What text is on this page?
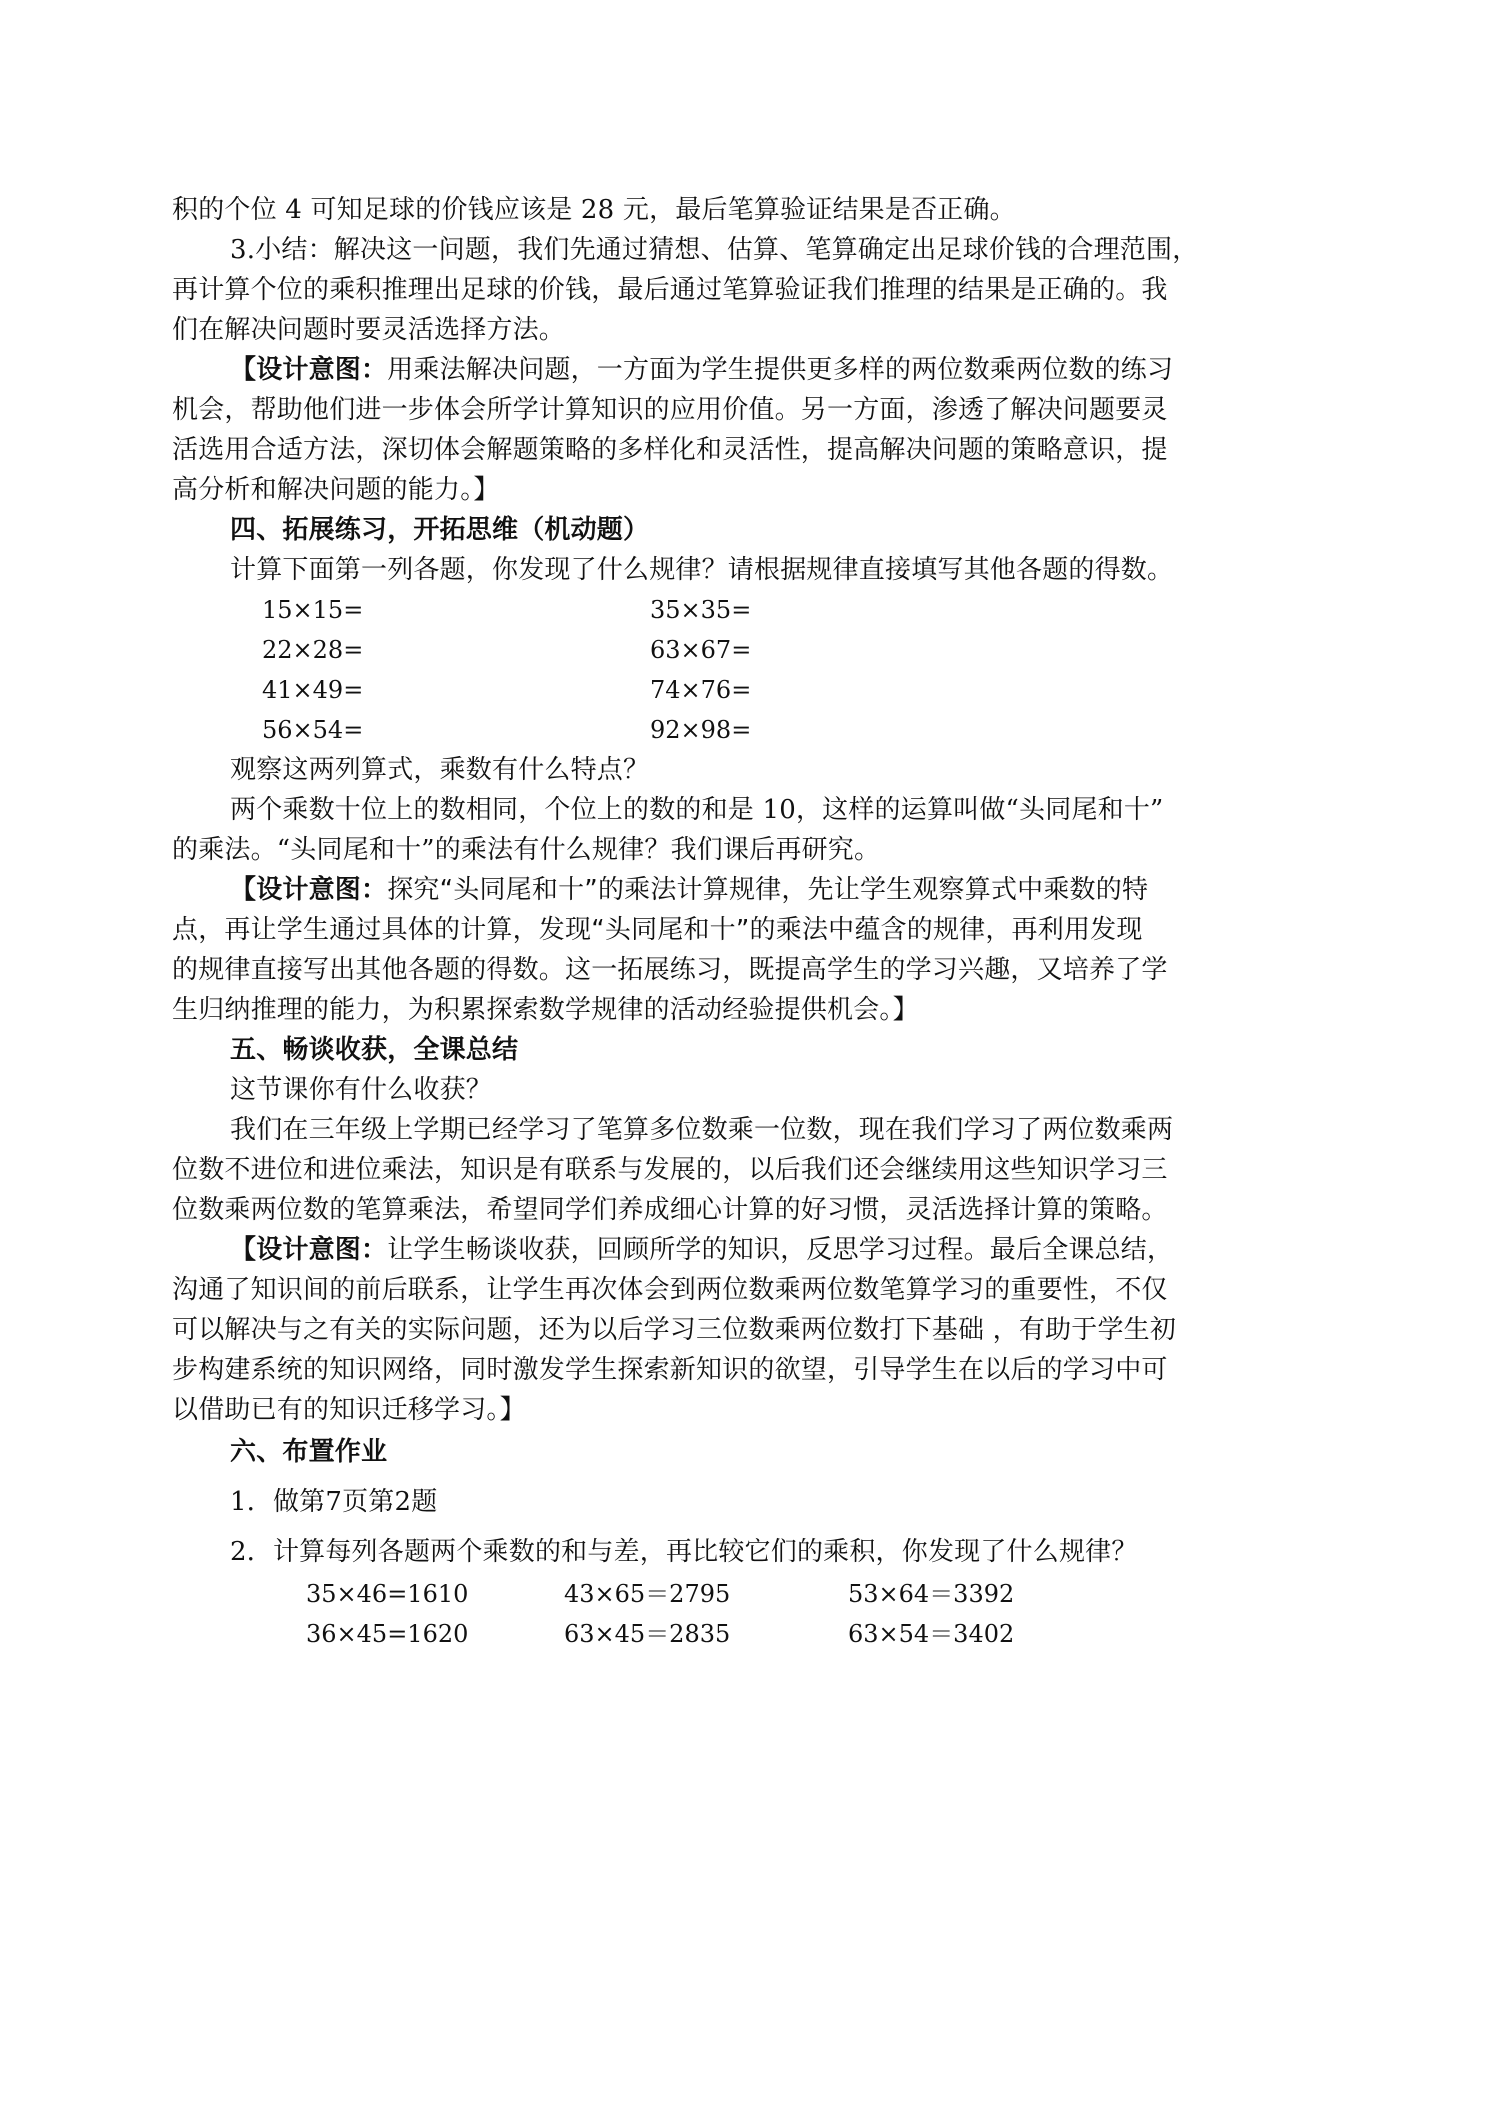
积的个位 4 可知足球的价钱应该是 28 元，最后笔算验证结果是否正确。
3.小结：解决这一问题，我们先通过猜想、估算、笔算确定出足球价钱的合理范围，
再计算个位的乘积推理出足球的价钱，最后通过笔算验证我们推理的结果是正确的。我
们在解决问题时要灵活选择方法。
【设计意图：用乘法解决问题，一方面为学生提供更多样的两位数乘两位数的练习
机会，帮助他们进一步体会所学计算知识的应用价值。另一方面，渗透了解决问题要灵
活选用合适方法，深切体会解题策略的多样化和灵活性，提高解决问题的策略意识，提
高分析和解决问题的能力。】
四、拓展练习，开拓思维（机动题）
计算下面第一列各题，你发现了什么规律？请根据规律直接填写其他各题的得数。
15×15=	35×35=
22×28=	63×67=
41×49=	74×76=
56×54=	92×98=
观察这两列算式，乘数有什么特点？
两个乘数十位上的数相同，个位上的数的和是 10，这样的运算叫做“头同尾和十”
的乘法。“头同尾和十”的乘法有什么规律？我们课后再研究。
【设计意图：探究“头同尾和十”的乘法计算规律，先让学生观察算式中乘数的特
点，再让学生通过具体的计算，发现“头同尾和十”的乘法中蕴含的规律，再利用发现
的规律直接写出其他各题的得数。这一拓展练习，既提高学生的学习兴趣，又培养了学
生归纳推理的能力，为积累探索数学规律的活动经验提供机会。】
五、畅谈收获，全课总结
这节课你有什么收获？
我们在三年级上学期已经学习了笔算多位数乘一位数，现在我们学习了两位数乘两
位数不进位和进位乘法，知识是有联系与发展的，以后我们还会继续用这些知识学习三
位数乘两位数的笔算乘法，希望同学们养成细心计算的好习惯，灵活选择计算的策略。
【设计意图：让学生畅谈收获，回顾所学的知识，反思学习过程。最后全课总结，
沟通了知识间的前后联系，让学生再次体会到两位数乘两位数笔算学习的重要性，不仅
可以解决与之有关的实际问题，还为以后学习三位数乘两位数打下基础 ，有助于学生初
步构建系统的知识网络，同时激发学生探索新知识的欲望，引导学生在以后的学习中可
以借助已有的知识迁移学习。】
六、布置作业
1．做第7页第2题
2．计算每列各题两个乘数的和与差，再比较它们的乘积，你发现了什么规律？
35×46=1610	43×65＝2795	53×64＝3392
36×45=1620	63×45＝2835	63×54＝3402
